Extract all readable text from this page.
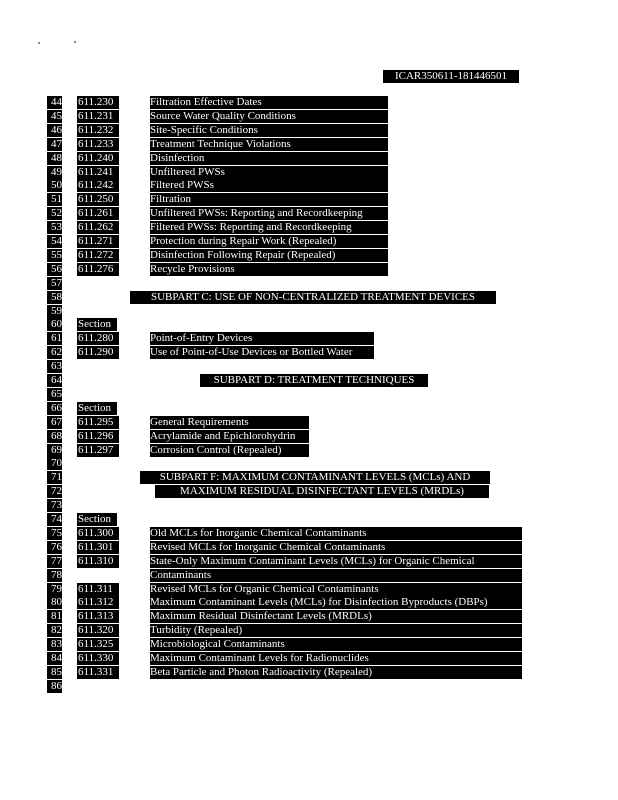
ICAR350611-181446501
44 611.230	Filtration Effective Dates
45 611.231	Source Water Quality Conditions
46 611.232	Site-Specific Conditions
47 611.233	Treatment Technique Violations
48 611.240	Disinfection
49 611.241	Unfiltered PWSs
50 611.242	Filtered PWSs
51 611.250	Filtration
52 611.261	Unfiltered PWSs: Reporting and Recordkeeping
53 611.262	Filtered PWSs: Reporting and Recordkeeping
54 611.271	Protection during Repair Work (Repealed)
55 611.272	Disinfection Following Repair (Repealed)
56 611.276	Recycle Provisions
57
58	SUBPART C: USE OF NON-CENTRALIZED TREATMENT DEVICES
59
60 Section
61 611.280	Point-of-Entry Devices
62 611.290	Use of Point-of-Use Devices or Bottled Water
63
64	SUBPART D: TREATMENT TECHNIQUES
65
66 Section
67 611.295	General Requirements
68 611.296	Acrylamide and Epichlorohydrin
69 611.297	Corrosion Control (Repealed)
70
71	SUBPART F: MAXIMUM CONTAMINANT LEVELS (MCLs) AND
72	MAXIMUM RESIDUAL DISINFECTANT LEVELS (MRDLs)
73
74 Section
75 611.300	Old MCLs for Inorganic Chemical Contaminants
76 611.301	Revised MCLs for Inorganic Chemical Contaminants
77 611.310	State-Only Maximum Contaminant Levels (MCLs) for Organic Chemical
78	Contaminants
79 611.311	Revised MCLs for Organic Chemical Contaminants
80 611.312	Maximum Contaminant Levels (MCLs) for Disinfection Byproducts (DBPs)
81 611.313	Maximum Residual Disinfectant Levels (MRDLs)
82 611.320	Turbidity (Repealed)
83 611.325	Microbiological Contaminants
84 611.330	Maximum Contaminant Levels for Radionuclides
85 611.331	Beta Particle and Photon Radioactivity (Repealed)
86
